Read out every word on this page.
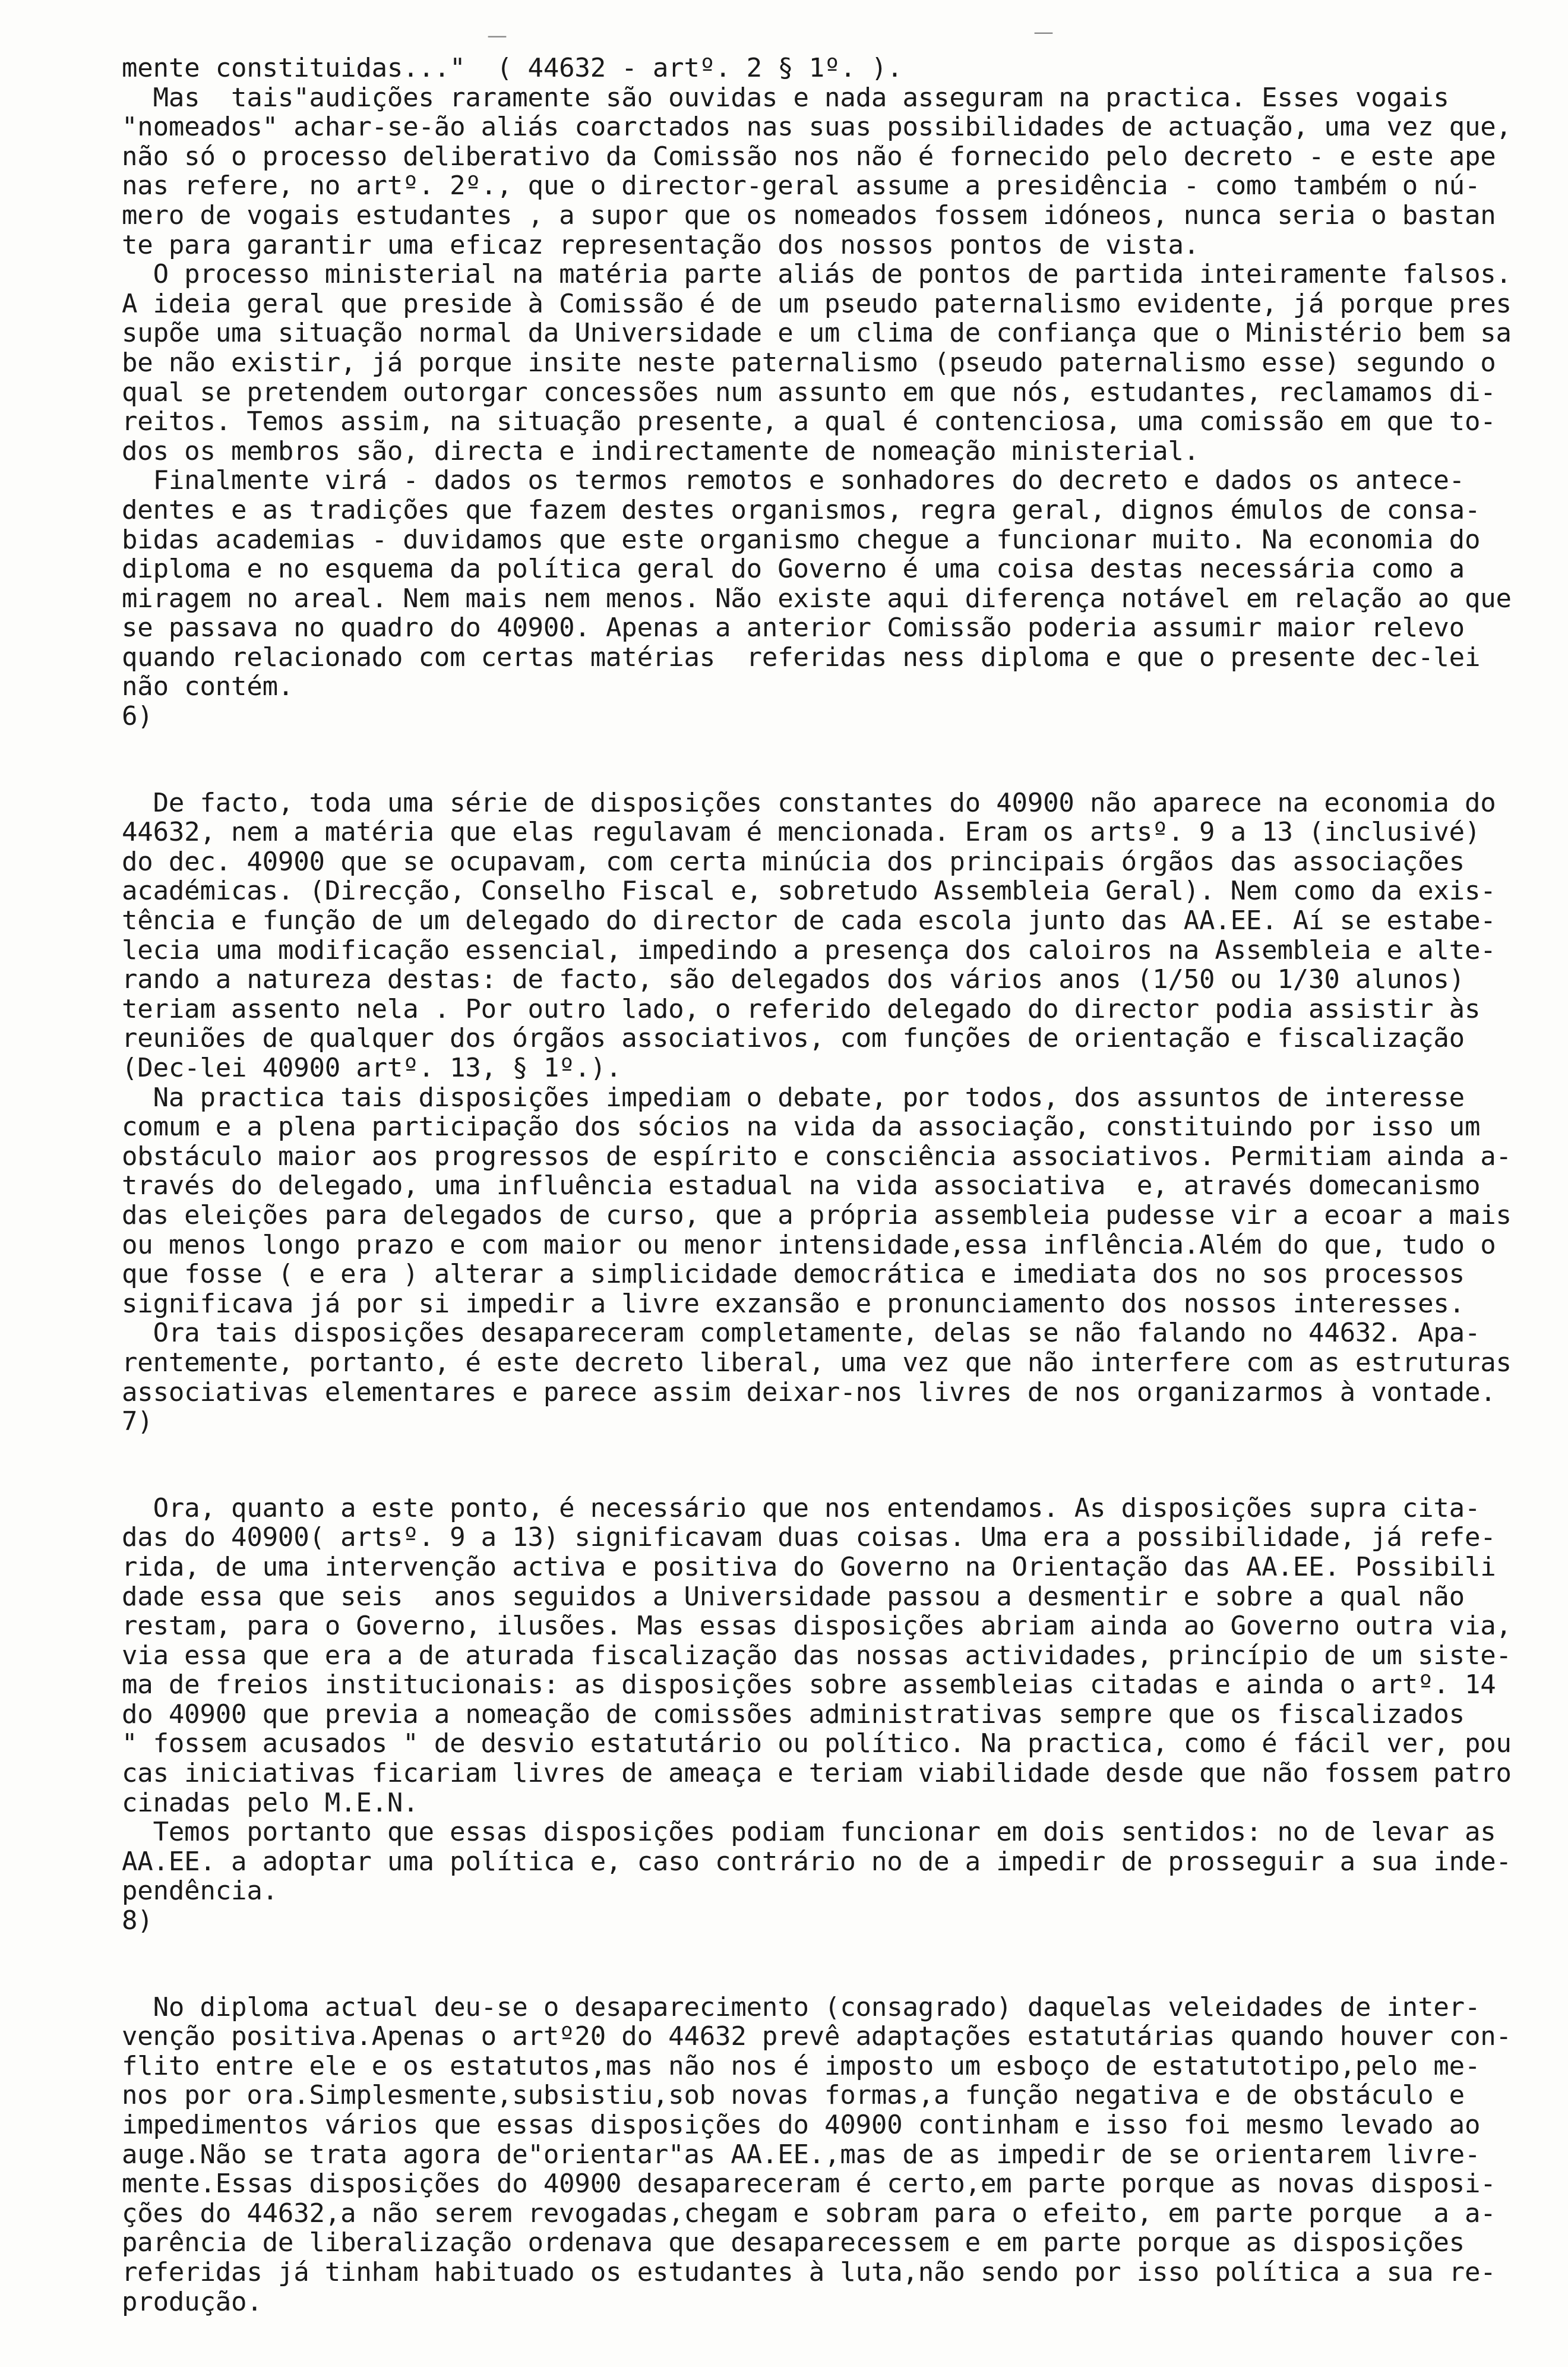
—	—
mente constituidas..."  ( 44632 - artº. 2 § 1º. ).
Mas  tais"audições raramente são ouvidas e nada asseguram na practica. Esses vogais
"nomeados" achar-se-ão aliás coarctados nas suas possibilidades de actuação, uma vez que,
não só o processo deliberativo da Comissão nos não é fornecido pelo decreto - e este ape
nas refere, no artº. 2º., que o director-geral assume a presidência - como também o nú-
mero de vogais estudantes , a supor que os nomeados fossem idóneos, nunca seria o bastan
te para garantir uma eficaz representação dos nossos pontos de vista.
O processo ministerial na matéria parte aliás de pontos de partida inteiramente falsos.
A ideia geral que preside à Comissão é de um pseudo paternalismo evidente, já porque pres
supõe uma situação normal da Universidade e um clima de confiança que o Ministério bem sa
be não existir, já porque insite neste paternalismo (pseudo paternalismo esse) segundo o
qual se pretendem outorgar concessões num assunto em que nós, estudantes, reclamamos di-
reitos. Temos assim, na situação presente, a qual é contenciosa, uma comissão em que to-
dos os membros são, directa e indirectamente de nomeação ministerial.
Finalmente virá - dados os termos remotos e sonhadores do decreto e dados os antece-
dentes e as tradições que fazem destes organismos, regra geral, dignos émulos de consa-
bidas academias - duvidamos que este organismo chegue a funcionar muito. Na economia do
diploma e no esquema da política geral do Governo é uma coisa destas necessária como a
miragem no areal. Nem mais nem menos. Não existe aqui diferença notável em relação ao que
se passava no quadro do 40900. Apenas a anterior Comissão poderia assumir maior relevo
quando relacionado com certas matérias  referidas ness diploma e que o presente dec-lei
não contém.
6)
De facto, toda uma série de disposições constantes do 40900 não aparece na economia do
44632, nem a matéria que elas regulavam é mencionada. Eram os artsº. 9 a 13 (inclusivé)
do dec. 40900 que se ocupavam, com certa minúcia dos principais órgãos das associações
académicas. (Direcção, Conselho Fiscal e, sobretudo Assembleia Geral). Nem como da exis-
tência e função de um delegado do director de cada escola junto das AA.EE. Aí se estabe-
lecia uma modificação essencial, impedindo a presença dos caloiros na Assembleia e alte-
rando a natureza destas: de facto, são delegados dos vários anos (1/50 ou 1/30 alunos)
teriam assento nela . Por outro lado, o referido delegado do director podia assistir às
reuniões de qualquer dos órgãos associativos, com funções de orientação e fiscalização
(Dec-lei 40900 artº. 13, § 1º.).
Na practica tais disposições impediam o debate, por todos, dos assuntos de interesse
comum e a plena participação dos sócios na vida da associação, constituindo por isso um
obstáculo maior aos progressos de espírito e consciência associativos. Permitiam ainda a-
través do delegado, uma influência estadual na vida associativa  e, através domecanismo
das eleições para delegados de curso, que a própria assembleia pudesse vir a ecoar a mais
ou menos longo prazo e com maior ou menor intensidade,essa inflência.Além do que, tudo o
que fosse ( e era ) alterar a simplicidade democrática e imediata dos no sos processos
significava já por si impedir a livre exzansão e pronunciamento dos nossos interesses.
Ora tais disposições desapareceram completamente, delas se não falando no 44632. Apa-
rentemente, portanto, é este decreto liberal, uma vez que não interfere com as estruturas
associativas elementares e parece assim deixar-nos livres de nos organizarmos à vontade.
7)
Ora, quanto a este ponto, é necessário que nos entendamos. As disposições supra cita-
das do 40900( artsº. 9 a 13) significavam duas coisas. Uma era a possibilidade, já refe-
rida, de uma intervenção activa e positiva do Governo na Orientação das AA.EE. Possibili
dade essa que seis  anos seguidos a Universidade passou a desmentir e sobre a qual não
restam, para o Governo, ilusões. Mas essas disposições abriam ainda ao Governo outra via,
via essa que era a de aturada fiscalização das nossas actividades, princípio de um siste-
ma de freios institucionais: as disposições sobre assembleias citadas e ainda o artº. 14
do 40900 que previa a nomeação de comissões administrativas sempre que os fiscalizados
" fossem acusados " de desvio estatutário ou político. Na practica, como é fácil ver, pou
cas iniciativas ficariam livres de ameaça e teriam viabilidade desde que não fossem patro
cinadas pelo M.E.N.
Temos portanto que essas disposições podiam funcionar em dois sentidos: no de levar as
AA.EE. a adoptar uma política e, caso contrário no de a impedir de prosseguir a sua inde-
pendência.
8)
No diploma actual deu-se o desaparecimento (consagrado) daquelas veleidades de inter-
venção positiva.Apenas o artº20 do 44632 prevê adaptações estatutárias quando houver con-
flito entre ele e os estatutos,mas não nos é imposto um esboço de estatutotipo,pelo me-
nos por ora.Simplesmente,subsistiu,sob novas formas,a função negativa e de obstáculo e
impedimentos vários que essas disposições do 40900 continham e isso foi mesmo levado ao
auge.Não se trata agora de"orientar"as AA.EE.,mas de as impedir de se orientarem livre-
mente.Essas disposições do 40900 desapareceram é certo,em parte porque as novas disposi-
ções do 44632,a não serem revogadas,chegam e sobram para o efeito, em parte porque  a a-
parência de liberalização ordenava que desaparecessem e em parte porque as disposições
referidas já tinham habituado os estudantes à luta,não sendo por isso política a sua re-
produção.
